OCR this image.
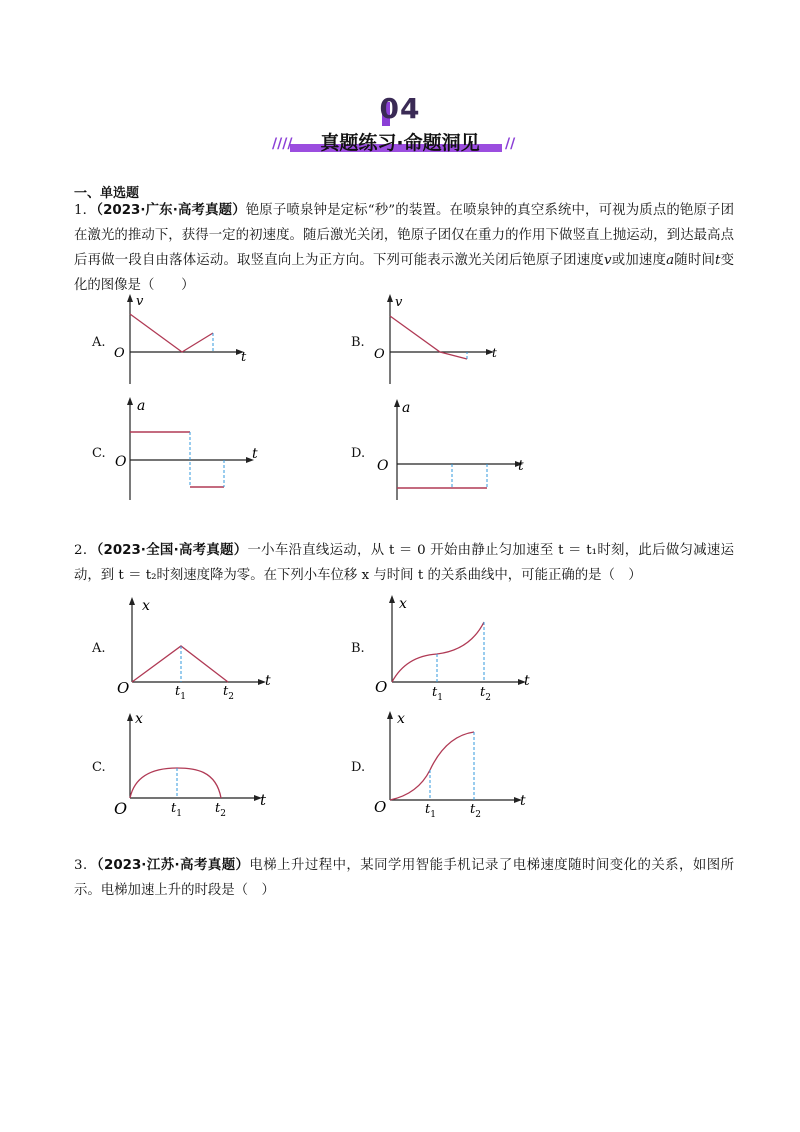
04
////	真题练习·命题洞见	//
一、单选题
1．（2023·广东·高考真题）铯原子喷泉钟是定标“秒”的装置。在喷泉钟的真空系统中，可视为质点的铯原子团在激光的推动下，获得一定的初速度。随后激光关闭，铯原子团仅在重力的作用下做竖直上抛运动，到达最高点后再做一段自由落体运动。取竖直向上为正方向。下列可能表示激光关闭后铯原子团速度v或加速度a随时间t变化的图像是（　　）
A.
v
O	t
B.
v
O	t
C.
a
O	t	D.
a
O	t
2．（2023·全国·高考真题）一小车沿直线运动，从 t ＝ 0 开始由静止匀加速至 t ＝ t₁时刻，此后做匀减速运动，到 t ＝ t₂时刻速度降为零。在下列小车位移 x 与时间 t 的关系曲线中，可能正确的是（　）
A.
x
O	t
$t_1$	$t_2$
B.
x
O	t
$t_1$	$t_2$
C.
x
O	t
$t_1$	$t_2$
D.
x
O	t
$t_1$	$t_2$
3．（2023·江苏·高考真题）电梯上升过程中，某同学用智能手机记录了电梯速度随时间变化的关系，如图所示。电梯加速上升的时段是（　）
